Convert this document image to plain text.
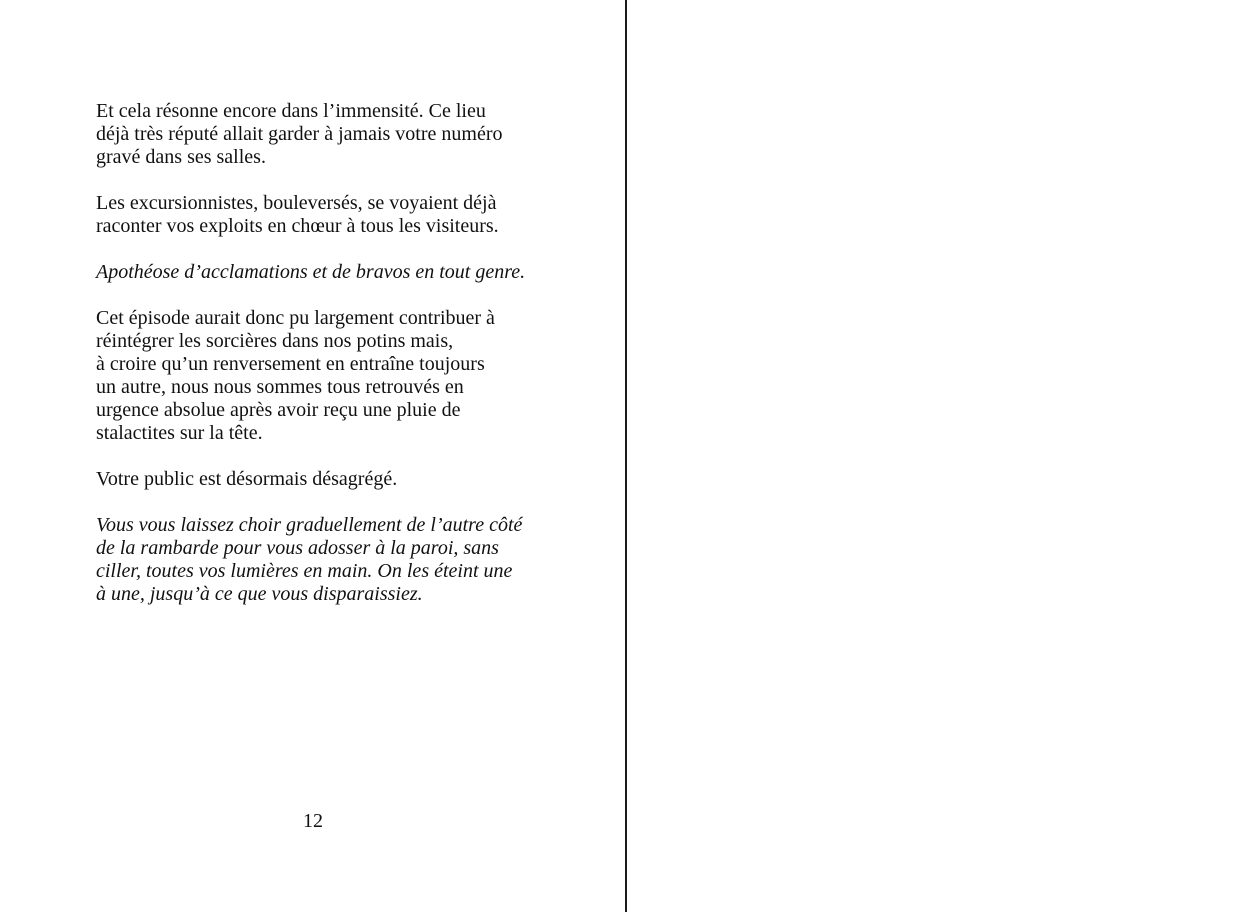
Et cela résonne encore dans l’immensité. Ce lieu
déjà très réputé allait garder à jamais votre numéro
gravé dans ses salles.

Les excursionnistes, bouleversés, se voyaient déjà
raconter vos exploits en chœur à tous les visiteurs.

Apothéose d’acclamations et de bravos en tout genre.

Cet épisode aurait donc pu largement contribuer à
réintégrer les sorcières dans nos potins mais,
à croire qu’un renversement en entraîne toujours
un autre, nous nous sommes tous retrouvés en
urgence absolue après avoir reçu une pluie de
stalactites sur la tête.

Votre public est désormais désagrégé.

Vous vous laissez choir graduellement de l’autre côté
de la rambarde pour vous adosser à la paroi, sans
ciller, toutes vos lumières en main. On les éteint une
à une, jusqu’à ce que vous disparaissiez.

12
